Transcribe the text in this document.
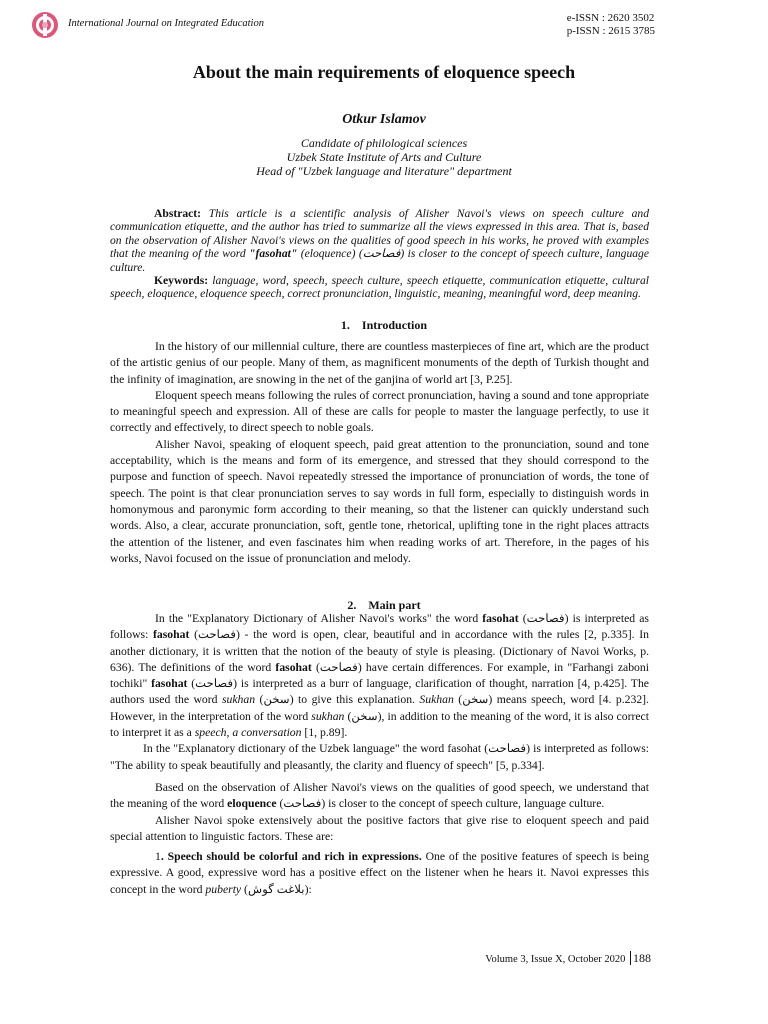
International Journal on Integrated Education	e-ISSN : 2620 3502
p-ISSN : 2615 3785
About the main requirements of eloquence speech
Otkur Islamov
Candidate of philological sciences
Uzbek State Institute of Arts and Culture
Head of "Uzbek language and literature" department

Abstract: This article is a scientific analysis of Alisher Navoi's views on speech culture and communication etiquette, and the author has tried to summarize all the views expressed in this area. That is, based on the observation of Alisher Navoi's views on the qualities of good speech in his works, he proved with examples that the meaning of the word "fasohat" (eloquence) (فصاحت) is closer to the concept of speech culture, language culture.

Keywords: language, word, speech, speech culture, speech etiquette, communication etiquette, cultural speech, eloquence, eloquence speech, correct pronunciation, linguistic, meaning, meaningful word, deep meaning.

1. Introduction

In the history of our millennial culture, there are countless masterpieces of fine art, which are the product of the artistic genius of our people. Many of them, as magnificent monuments of the depth of Turkish thought and the infinity of imagination, are snowing in the net of the ganjina of world art [3, P.25].

Eloquent speech means following the rules of correct pronunciation, having a sound and tone appropriate to meaningful speech and expression. All of these are calls for people to master the language perfectly, to use it correctly and effectively, to direct speech to noble goals.

Alisher Navoi, speaking of eloquent speech, paid great attention to the pronunciation, sound and tone acceptability, which is the means and form of its emergence, and stressed that they should correspond to the purpose and function of speech. Navoi repeatedly stressed the importance of pronunciation of words, the tone of speech. The point is that clear pronunciation serves to say words in full form, especially to distinguish words in homonymous and paronymic form according to their meaning, so that the listener can quickly understand such words. Also, a clear, accurate pronunciation, soft, gentle tone, rhetorical, uplifting tone in the right places attracts the attention of the listener, and even fascinates him when reading works of art. Therefore, in the pages of his works, Navoi focused on the issue of pronunciation and melody.

2. Main part

In the "Explanatory Dictionary of Alisher Navoi's works" the word fasohat (فصاحت) is interpreted as follows: fasohat (فصاحت) - the word is open, clear, beautiful and in accordance with the rules [2, p.335]. In another dictionary, it is written that the notion of the beauty of style is pleasing. (Dictionary of Navoi Works, p. 636). The definitions of the word fasohat (فصاحت) have certain differences. For example, in "Farhangi zaboni tochiki" fasohat (فصاحت) is interpreted as a burr of language, clarification of thought, narration [4, p.425]. The authors used the word sukhan (سخن) to give this explanation. Sukhan (سخن) means speech, word [4. p.232]. However, in the interpretation of the word sukhan (سخن), in addition to the meaning of the word, it is also correct to interpret it as a speech, a conversation [1, p.89].

In the "Explanatory dictionary of the Uzbek language" the word fasohat (فصاحت) is interpreted as follows: "The ability to speak beautifully and pleasantly, the clarity and fluency of speech" [5, p.334].

Based on the observation of Alisher Navoi's views on the qualities of good speech, we understand that the meaning of the word eloquence (فصاحت) is closer to the concept of speech culture, language culture.

Alisher Navoi spoke extensively about the positive factors that give rise to eloquent speech and paid special attention to linguistic factors. These are:

1. Speech should be colorful and rich in expressions. One of the positive features of speech is being expressive. A good, expressive word has a positive effect on the listener when he hears it. Navoi expresses this concept in the word puberty (بلاغت گوش):

Volume 3, Issue X, October 2020 188
